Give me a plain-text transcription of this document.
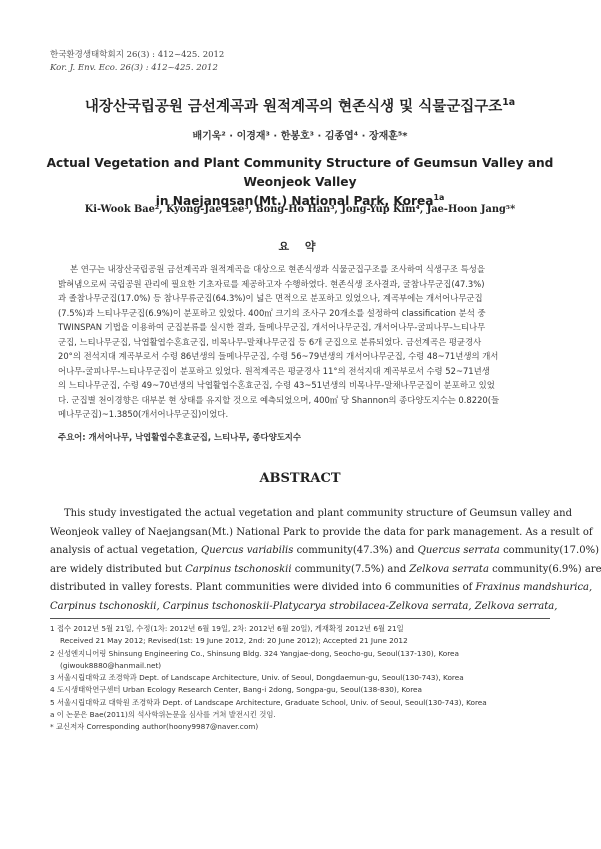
한국환경생태학회지 26(3) : 412~425. 2012
Kor. J. Env. Eco. 26(3) : 412~425. 2012
내장산국립공원 금선계곡과 원적계곡의 현존식생 및 식물군집구조$^{1a}$
배기욱² · 이경재³ · 한봉호³ · 김종엽⁴ · 장재훈⁵*
Actual Vegetation and Plant Community Structure of Geumsun Valley and Weonjeok Valley
in Naejangsan(Mt.) National Park, Korea$^{1a}$
Ki-Wook Bae², Kyong-Jae Lee³, Bong-Ho Han³, Jong-Yup Kim⁴, Jae-Hoon Jang⁵*
요 약
본 연구는 내장산국립공원 금선계곡과 원적계곡을 대상으로 현존식생과 식물군집구조를 조사하여 식생구조 특성을
밝혀냄으로써 국립공원 관리에 필요한 기초자료를 제공하고자 수행하였다. 현존식생 조사결과, 굴참나무군집(47.3%)
과 졸참나무군집(17.0%) 등 참나무류군집(64.3%)이 넓은 면적으로 분포하고 있었으나, 계곡부에는 개서어나무군집
(7.5%)과 느티나무군집(6.9%)이 분포하고 있었다. 400㎡ 크기의 조사구 20개소를 설정하여 classification 분석 중
TWINSPAN 기법을 이용하여 군집분류를 실시한 결과, 들메나무군집, 개서어나무군집, 개서어나무-굴피나무-느티나무
군집, 느티나무군집, 낙엽활엽수혼효군집, 비목나무-말채나무군집 등 6개 군집으로 분류되었다. 금선계곡은 평균경사
20°의 전석지대 계곡부로서 수령 86년생의 들메나무군집, 수령 56~79년생의 개서어나무군집, 수령 48~71년생의 개서
어나무-굴피나무-느티나무군집이 분포하고 있었다. 원적계곡은 평균경사 11°의 전석지대 계곡부로서 수령 52~71년생
의 느티나무군집, 수령 49~70년생의 낙엽활엽수혼효군집, 수령 43~51년생의 비목나무-말채나무군집이 분포하고 있었
다. 군집별 천이경향은 대부분 현 상태를 유지할 것으로 예측되었으며, 400㎡ 당 Shannon의 종다양도지수는 0.8220(들
메나무군집)~1.3850(개서어나무군집)이었다.
주요어: 개서어나무, 낙엽활엽수혼효군집, 느티나무, 종다양도지수
ABSTRACT
This study investigated the actual vegetation and plant community structure of Geumsun valley and
Weonjeok valley of Naejangsan(Mt.) National Park to provide the data for park management. As a result of
analysis of actual vegetation, Quercus variabilis community(47.3%) and Quercus serrata community(17.0%)
are widely distributed but Carpinus tschonoskii community(7.5%) and Zelkova serrata community(6.9%) are
distributed in valley forests. Plant communities were divided into 6 communities of Fraxinus mandshurica,
Carpinus tschonoskii, Carpinus tschonoskii-Platycarya strobilacea-Zelkova serrata, Zelkova serrata,
1 접수 2012년 5월 21일, 수정(1차: 2012년 6월 19일, 2차: 2012년 6월 20일), 게재확정 2012년 6월 21일
Received 21 May 2012; Revised(1st: 19 June 2012, 2nd: 20 June 2012); Accepted 21 June 2012
2 신성엔지니어링 Shinsung Engineering Co., Shinsung Bldg. 324 Yangjae-dong, Seocho-gu, Seoul(137-130), Korea
(giwouk8880@hanmail.net)
3 서울시립대학교 조경학과 Dept. of Landscape Architecture, Univ. of Seoul, Dongdaemun-gu, Seoul(130-743), Korea
4 도시생태학연구센터 Urban Ecology Research Center, Bang-i 2dong, Songpa-gu, Seoul(138-830), Korea
5 서울시립대학교 대학원 조경학과 Dept. of Landscape Architecture, Graduate School, Univ. of Seoul, Seoul(130-743), Korea
a 이 논문은 Bae(2011)의 석사학위논문을 심사를 거쳐 발전시킨 것임.
* 교신저자 Corresponding author(hoony9987@naver.com)
